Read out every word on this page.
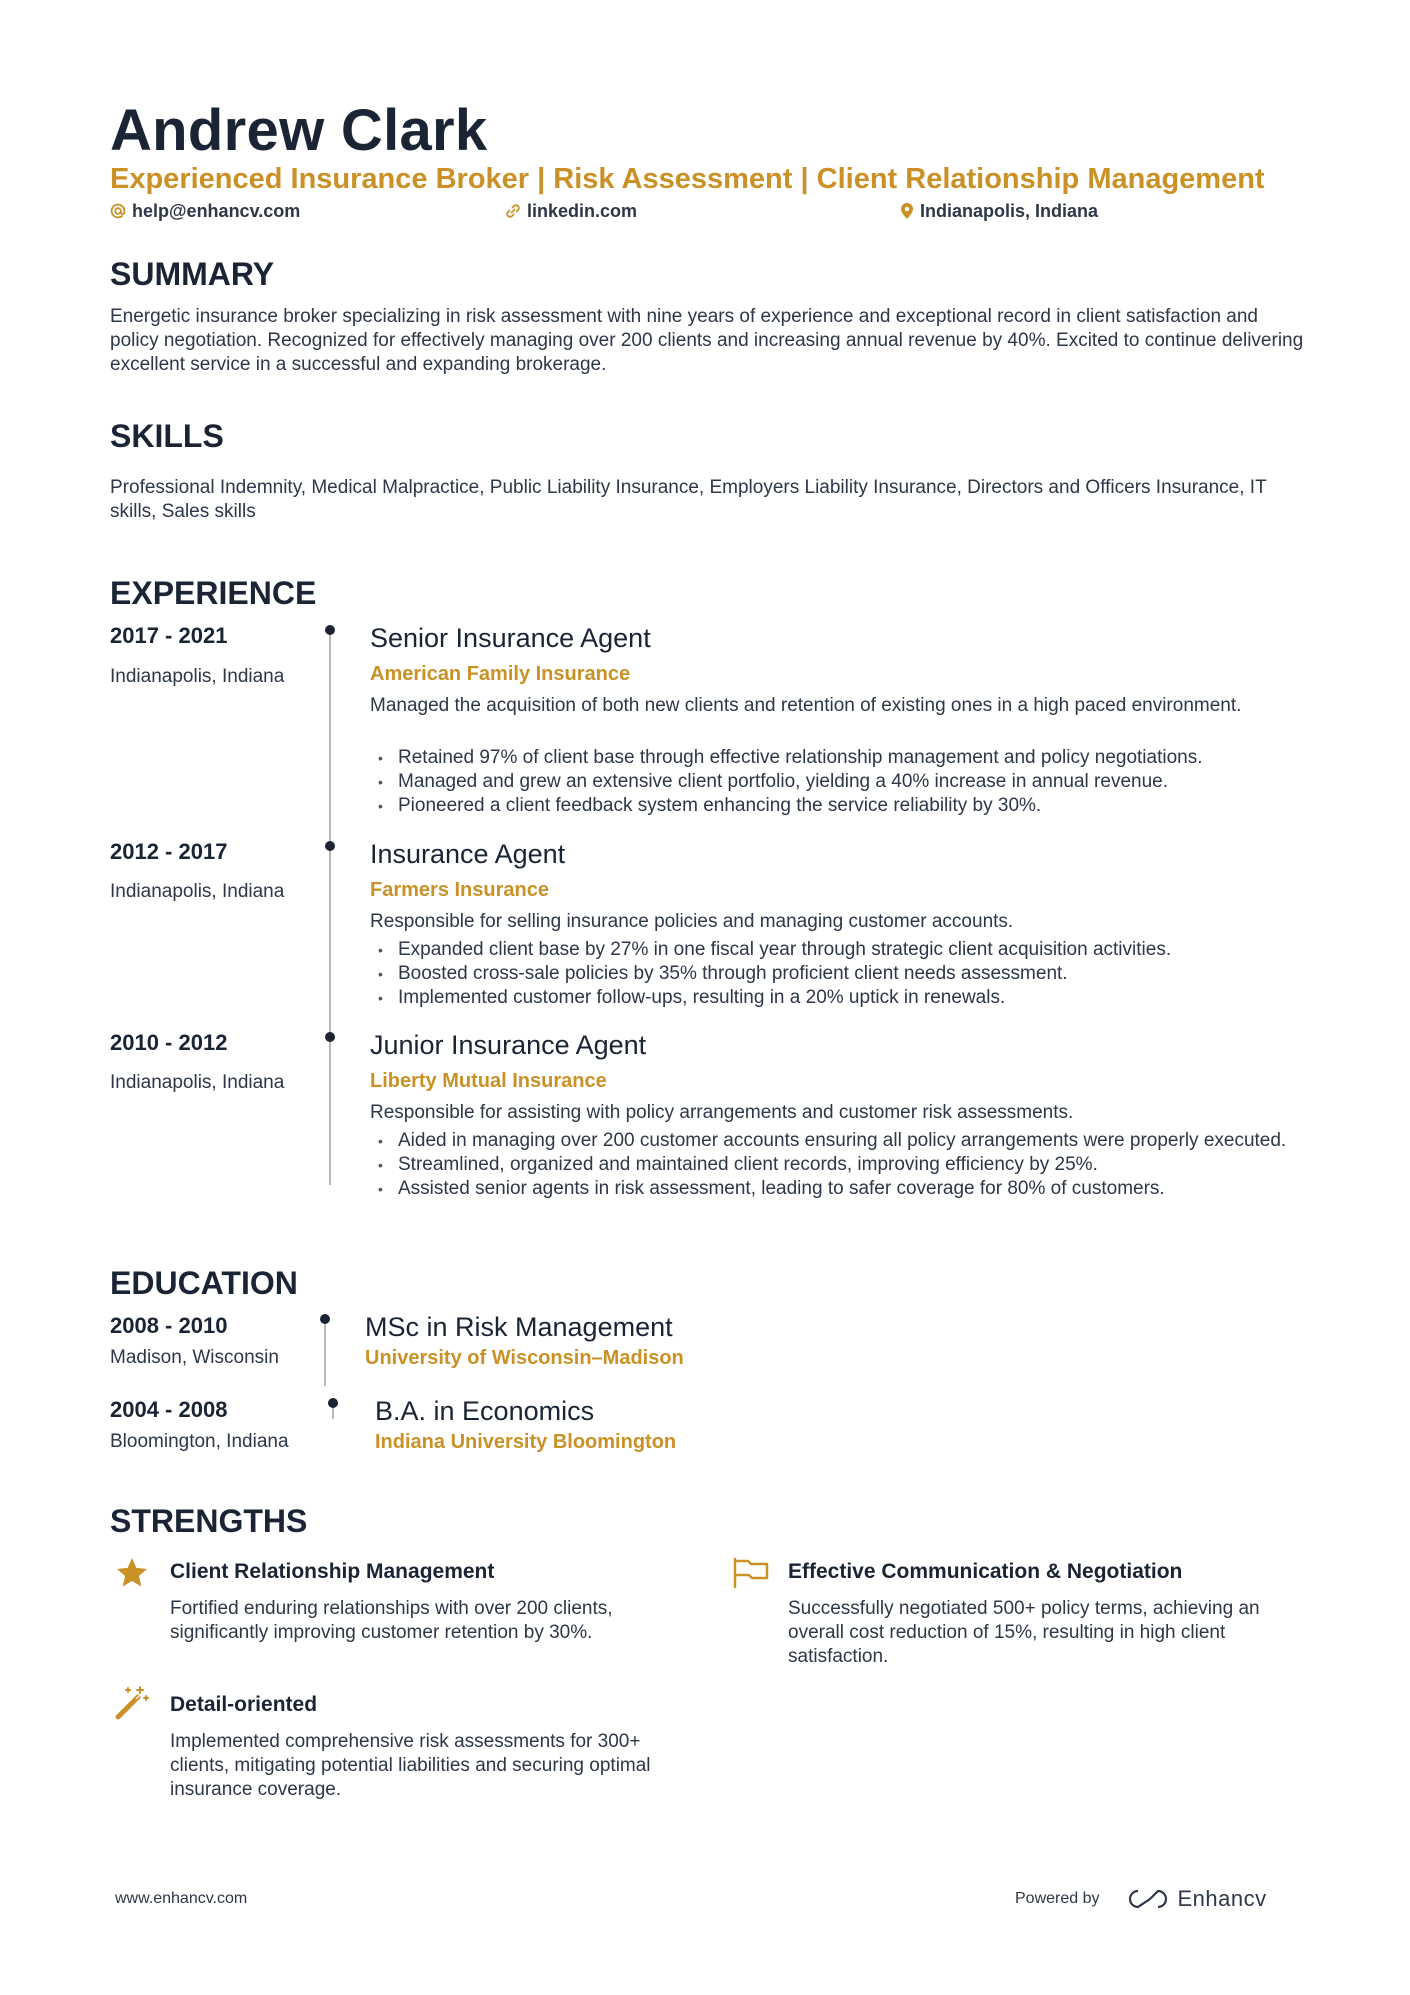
Andrew Clark
Experienced Insurance Broker | Risk Assessment | Client Relationship Management
help@enhancv.com	linkedin.com	Indianapolis, Indiana
SUMMARY
Energetic insurance broker specializing in risk assessment with nine years of experience and exceptional record in client satisfaction and policy negotiation. Recognized for effectively managing over 200 clients and increasing annual revenue by 40%. Excited to continue delivering excellent service in a successful and expanding brokerage.
SKILLS
Professional Indemnity, Medical Malpractice, Public Liability Insurance, Employers Liability Insurance, Directors and Officers Insurance, IT skills, Sales skills
EXPERIENCE
2017 - 2021
Indianapolis, Indiana
Senior Insurance Agent
American Family Insurance
Managed the acquisition of both new clients and retention of existing ones in a high paced environment.
• Retained 97% of client base through effective relationship management and policy negotiations.
• Managed and grew an extensive client portfolio, yielding a 40% increase in annual revenue.
• Pioneered a client feedback system enhancing the service reliability by 30%.
2012 - 2017
Indianapolis, Indiana
Insurance Agent
Farmers Insurance
Responsible for selling insurance policies and managing customer accounts.
• Expanded client base by 27% in one fiscal year through strategic client acquisition activities.
• Boosted cross-sale policies by 35% through proficient client needs assessment.
• Implemented customer follow-ups, resulting in a 20% uptick in renewals.
2010 - 2012
Indianapolis, Indiana
Junior Insurance Agent
Liberty Mutual Insurance
Responsible for assisting with policy arrangements and customer risk assessments.
• Aided in managing over 200 customer accounts ensuring all policy arrangements were properly executed.
• Streamlined, organized and maintained client records, improving efficiency by 25%.
• Assisted senior agents in risk assessment, leading to safer coverage for 80% of customers.
EDUCATION
2008 - 2010
Madison, Wisconsin
MSc in Risk Management
University of Wisconsin–Madison
2004 - 2008
Bloomington, Indiana
B.A. in Economics
Indiana University Bloomington
STRENGTHS
Client Relationship Management
Fortified enduring relationships with over 200 clients, significantly improving customer retention by 30%.
Effective Communication & Negotiation
Successfully negotiated 500+ policy terms, achieving an overall cost reduction of 15%, resulting in high client satisfaction.
Detail-oriented
Implemented comprehensive risk assessments for 300+ clients, mitigating potential liabilities and securing optimal insurance coverage.
www.enhancv.com	Powered by	Enhancv
